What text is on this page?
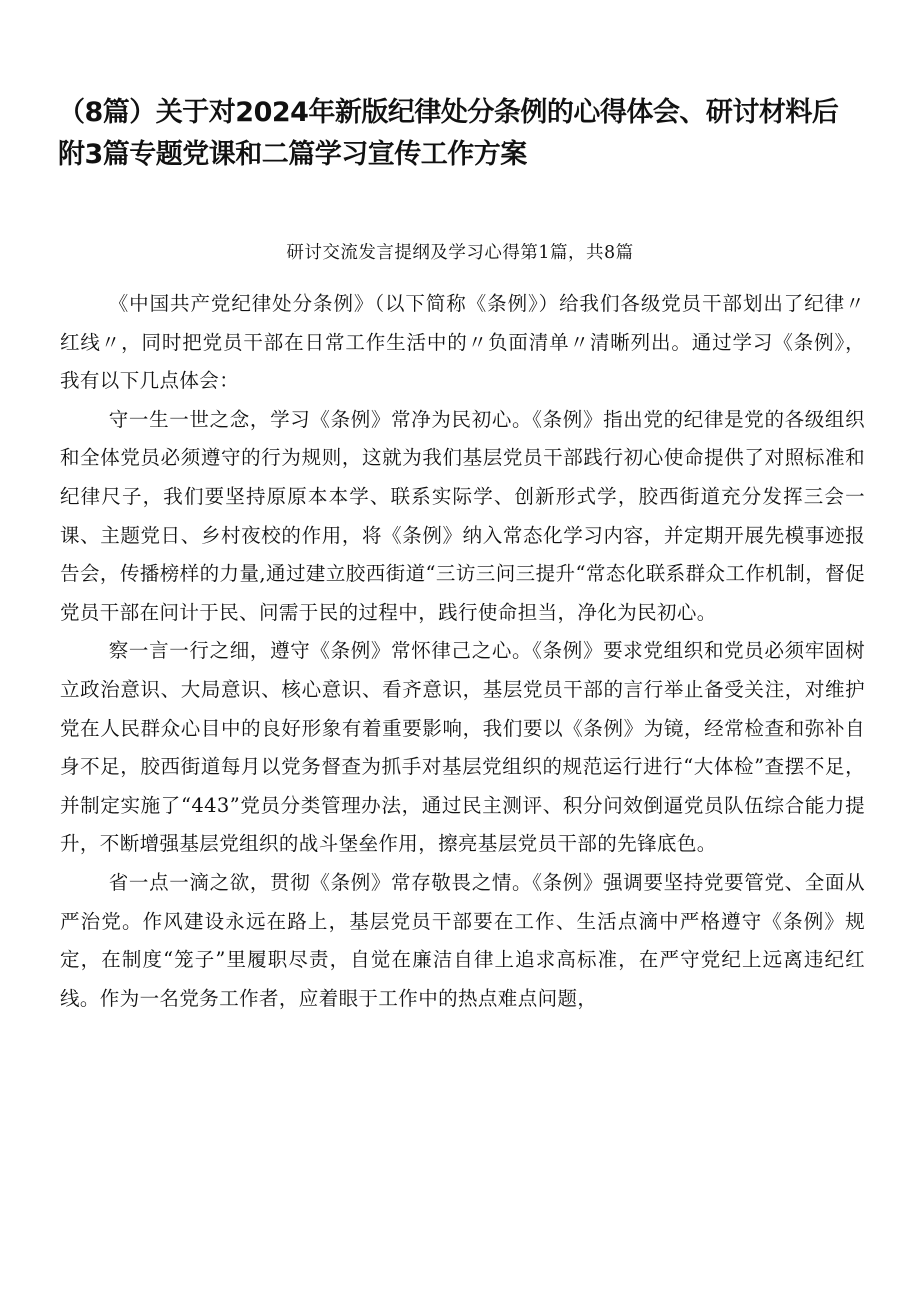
（8篇）关于对2024年新版纪律处分条例的心得体会、研讨材料后附3篇专题党课和二篇学习宣传工作方案
研讨交流发言提纲及学习心得第1篇，共8篇

《中国共产党纪律处分条例》（以下简称《条例》）给我们各级党员干部划出了纪律〃红线〃，同时把党员干部在日常工作生活中的〃负面清单〃清晰列出。通过学习《条例》，我有以下几点体会：

守一生一世之念，学习《条例》常净为民初心。《条例》指出党的纪律是党的各级组织和全体党员必须遵守的行为规则，这就为我们基层党员干部践行初心使命提供了对照标准和纪律尺子，我们要坚持原原本本学、联系实际学、创新形式学，胶西街道充分发挥三会一课、主题党日、乡村夜校的作用，将《条例》纳入常态化学习内容，并定期开展先模事迹报告会，传播榜样的力量,通过建立胶西街道“三访三问三提升“常态化联系群众工作机制，督促党员干部在问计于民、问需于民的过程中，践行使命担当，净化为民初心。

察一言一行之细，遵守《条例》常怀律己之心。《条例》要求党组织和党员必须牢固树立政治意识、大局意识、核心意识、看齐意识，基层党员干部的言行举止备受关注，对维护党在人民群众心目中的良好形象有着重要影响，我们要以《条例》为镜，经常检查和弥补自身不足，胶西街道每月以党务督查为抓手对基层党组织的规范运行进行“大体检”查摆不足，并制定实施了“443”党员分类管理办法，通过民主测评、积分问效倒逼党员队伍综合能力提升，不断增强基层党组织的战斗堡垒作用，擦亮基层党员干部的先锋底色。

省一点一滴之欲，贯彻《条例》常存敬畏之情。《条例》强调要坚持党要管党、全面从严治党。作风建设永远在路上，基层党员干部要在工作、生活点滴中严格遵守《条例》规定，在制度“笼子”里履职尽责，自觉在廉洁自律上追求高标准，在严守党纪上远离违纪红线。作为一名党务工作者，应着眼于工作中的热点难点问题，
